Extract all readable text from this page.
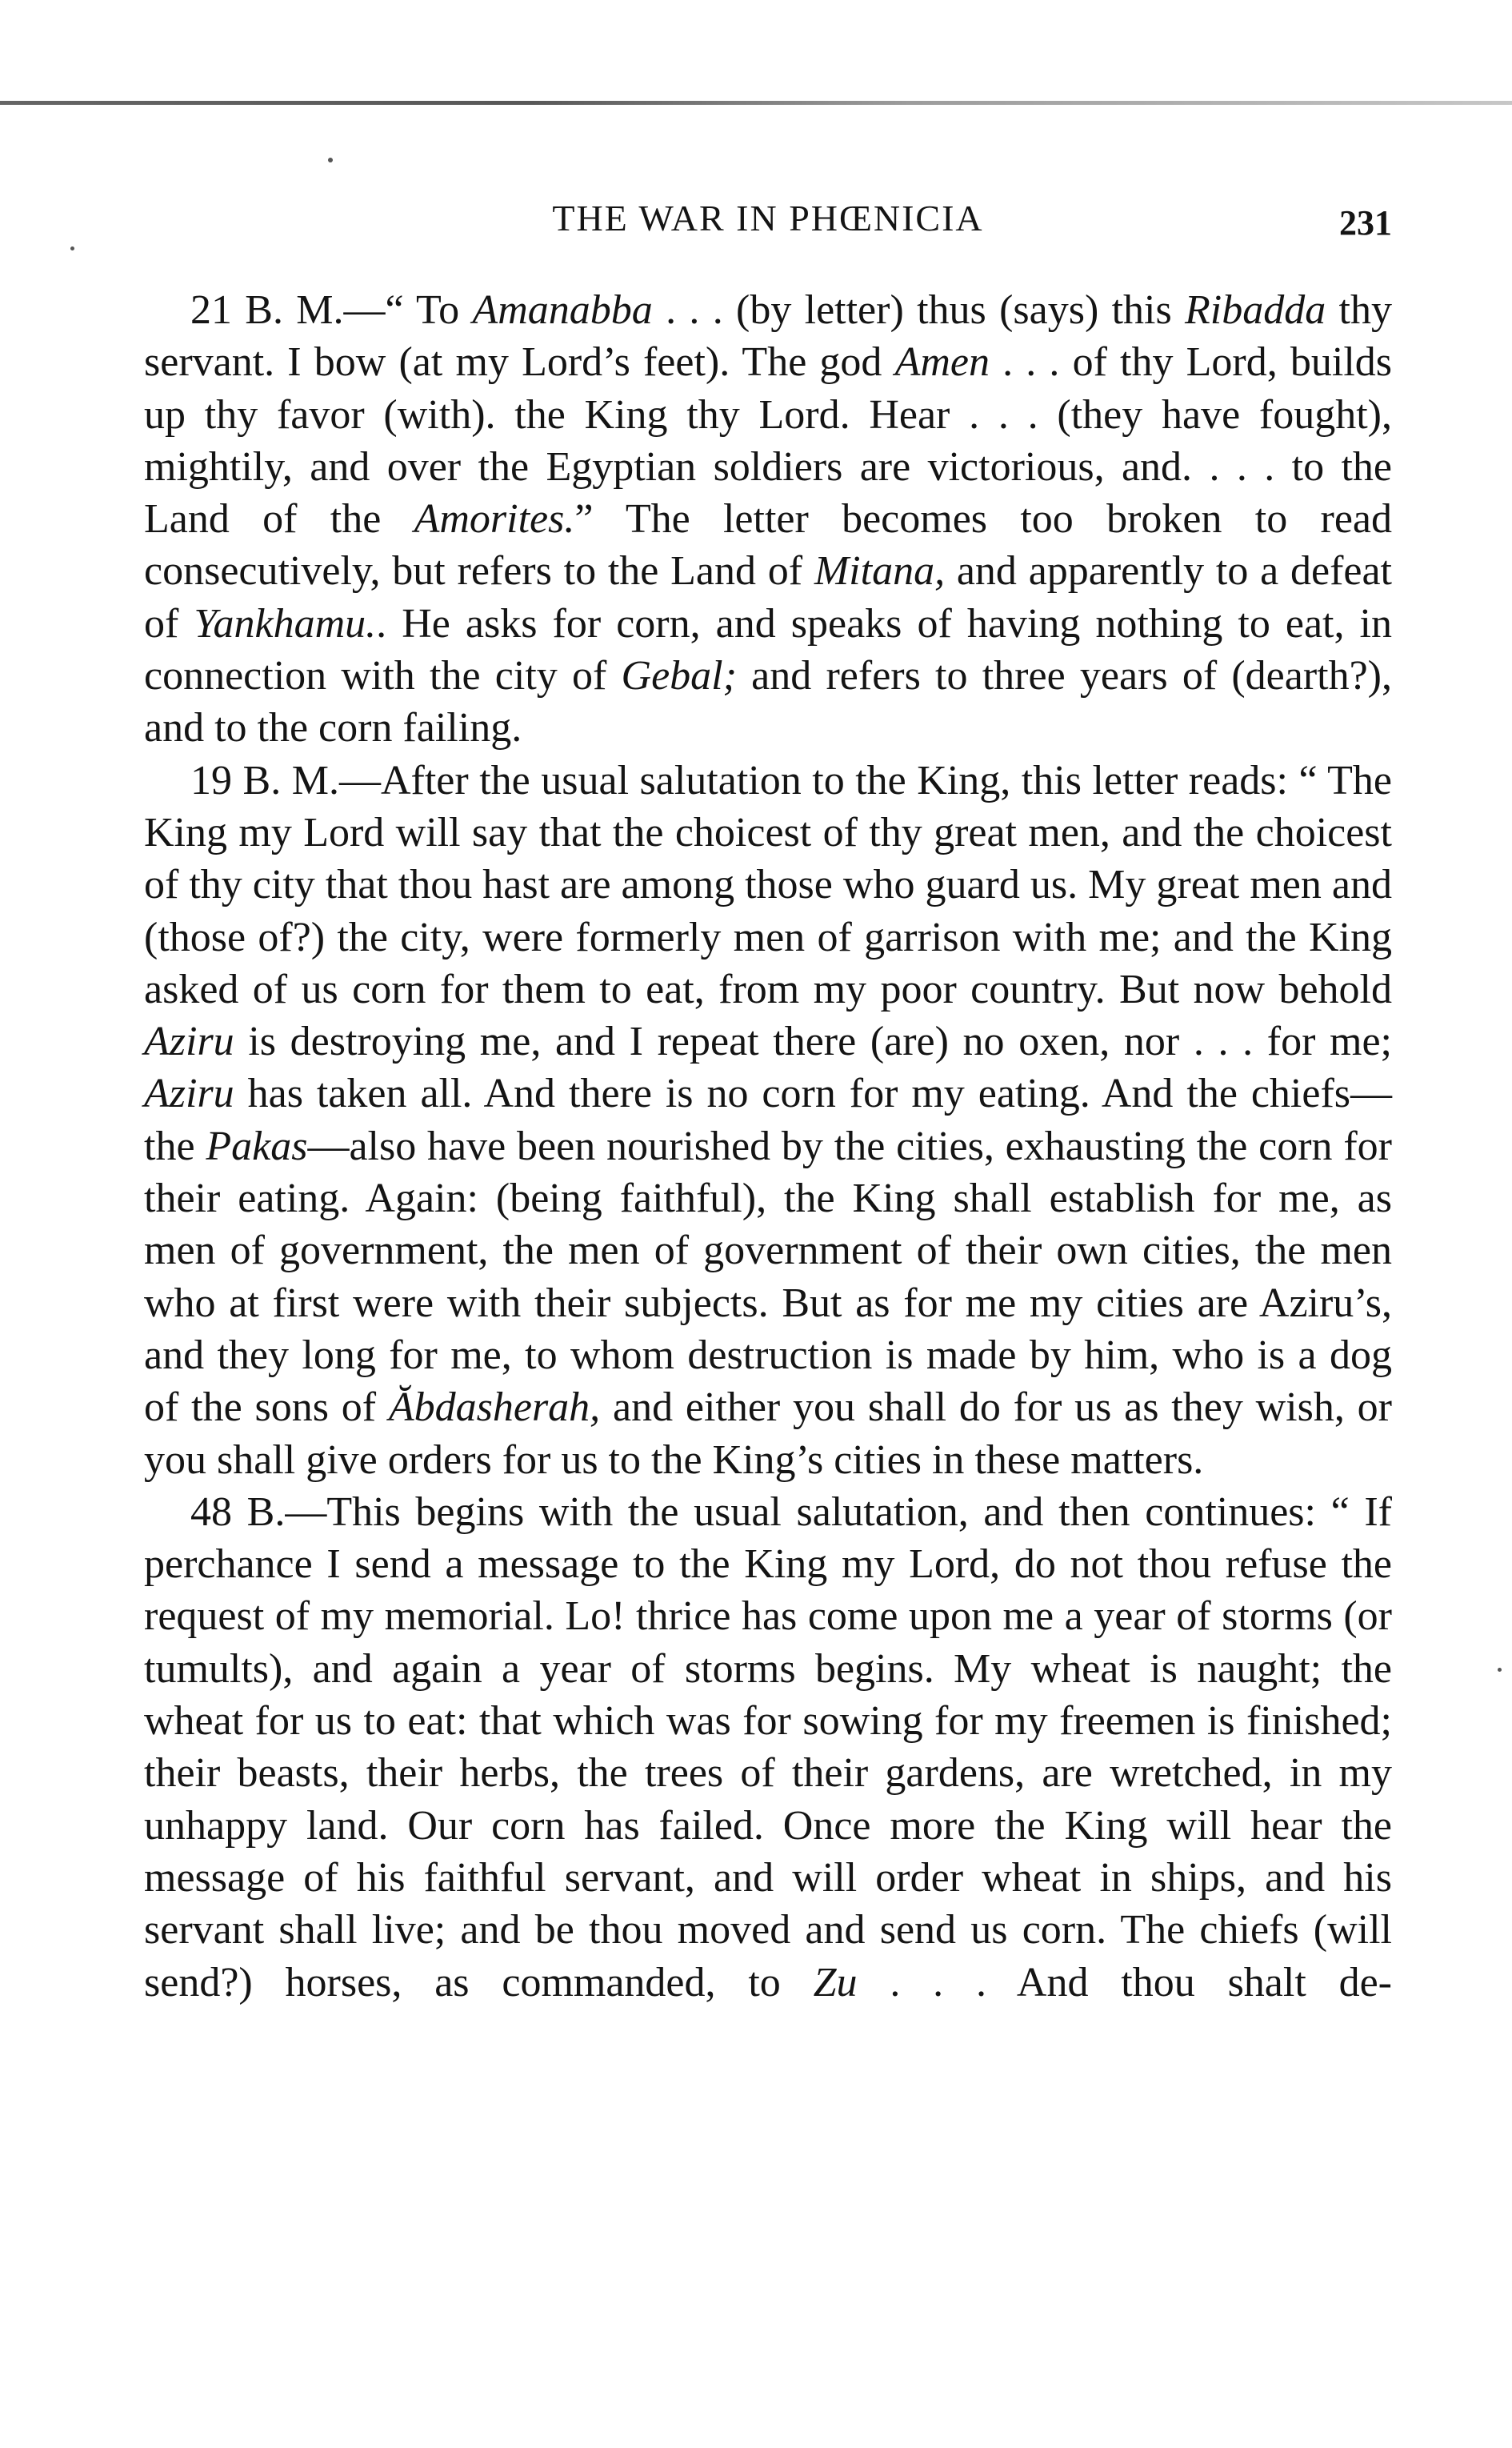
THE WAR IN PHŒNICIA	231

21 B. M.—“ To Amanabba . . . (by letter) thus (says) this Ribadda thy servant. I bow (at my Lord’s feet). The god Amen . . . of thy Lord, builds up thy favor (with). the King thy Lord. Hear . . . (they have fought), mightily, and over the Egyptian soldiers are victorious, and. . . . to the Land of the Amorites.” The letter becomes too broken to read consecutively, but refers to the Land of Mitana, and apparently to a defeat of Yankhamu.. He asks for corn, and speaks of having nothing to eat, in connection with the city of Gebal; and refers to three years of (dearth?), and to the corn failing.

19 B. M.—After the usual salutation to the King, this letter reads: “ The King my Lord will say that the choicest of thy great men, and the choicest of thy city that thou hast are among those who guard us. My great men and (those of?) the city, were formerly men of garrison with me; and the King asked of us corn for them to eat, from my poor country. But now behold Aziru is destroying me, and I repeat there (are) no oxen, nor . . . for me; Aziru has taken all. And there is no corn for my eating. And the chiefs—the Pakas—also have been nourished by the cities, exhausting the corn for their eating. Again: (being faithful), the King shall establish for me, as men of government, the men of government of their own cities, the men who at first were with their subjects. But as for me my cities are Aziru’s, and they long for me, to whom destruction is made by him, who is a dog of the sons of Ăbdasherah, and either you shall do for us as they wish, or you shall give orders for us to the King’s cities in these matters.

48 B.—This begins with the usual salutation, and then continues: “ If perchance I send a message to the King my Lord, do not thou refuse the request of my memorial. Lo! thrice has come upon me a year of storms (or tumults), and again a year of storms begins. My wheat is naught; the wheat for us to eat: that which was for sowing for my freemen is finished; their beasts, their herbs, the trees of their gardens, are wretched, in my unhappy land. Our corn has failed. Once more the King will hear the message of his faithful servant, and will order wheat in ships, and his servant shall live; and be thou moved and send us corn. The chiefs (will send?) horses, as commanded, to Zu . . . And thou shalt de-
